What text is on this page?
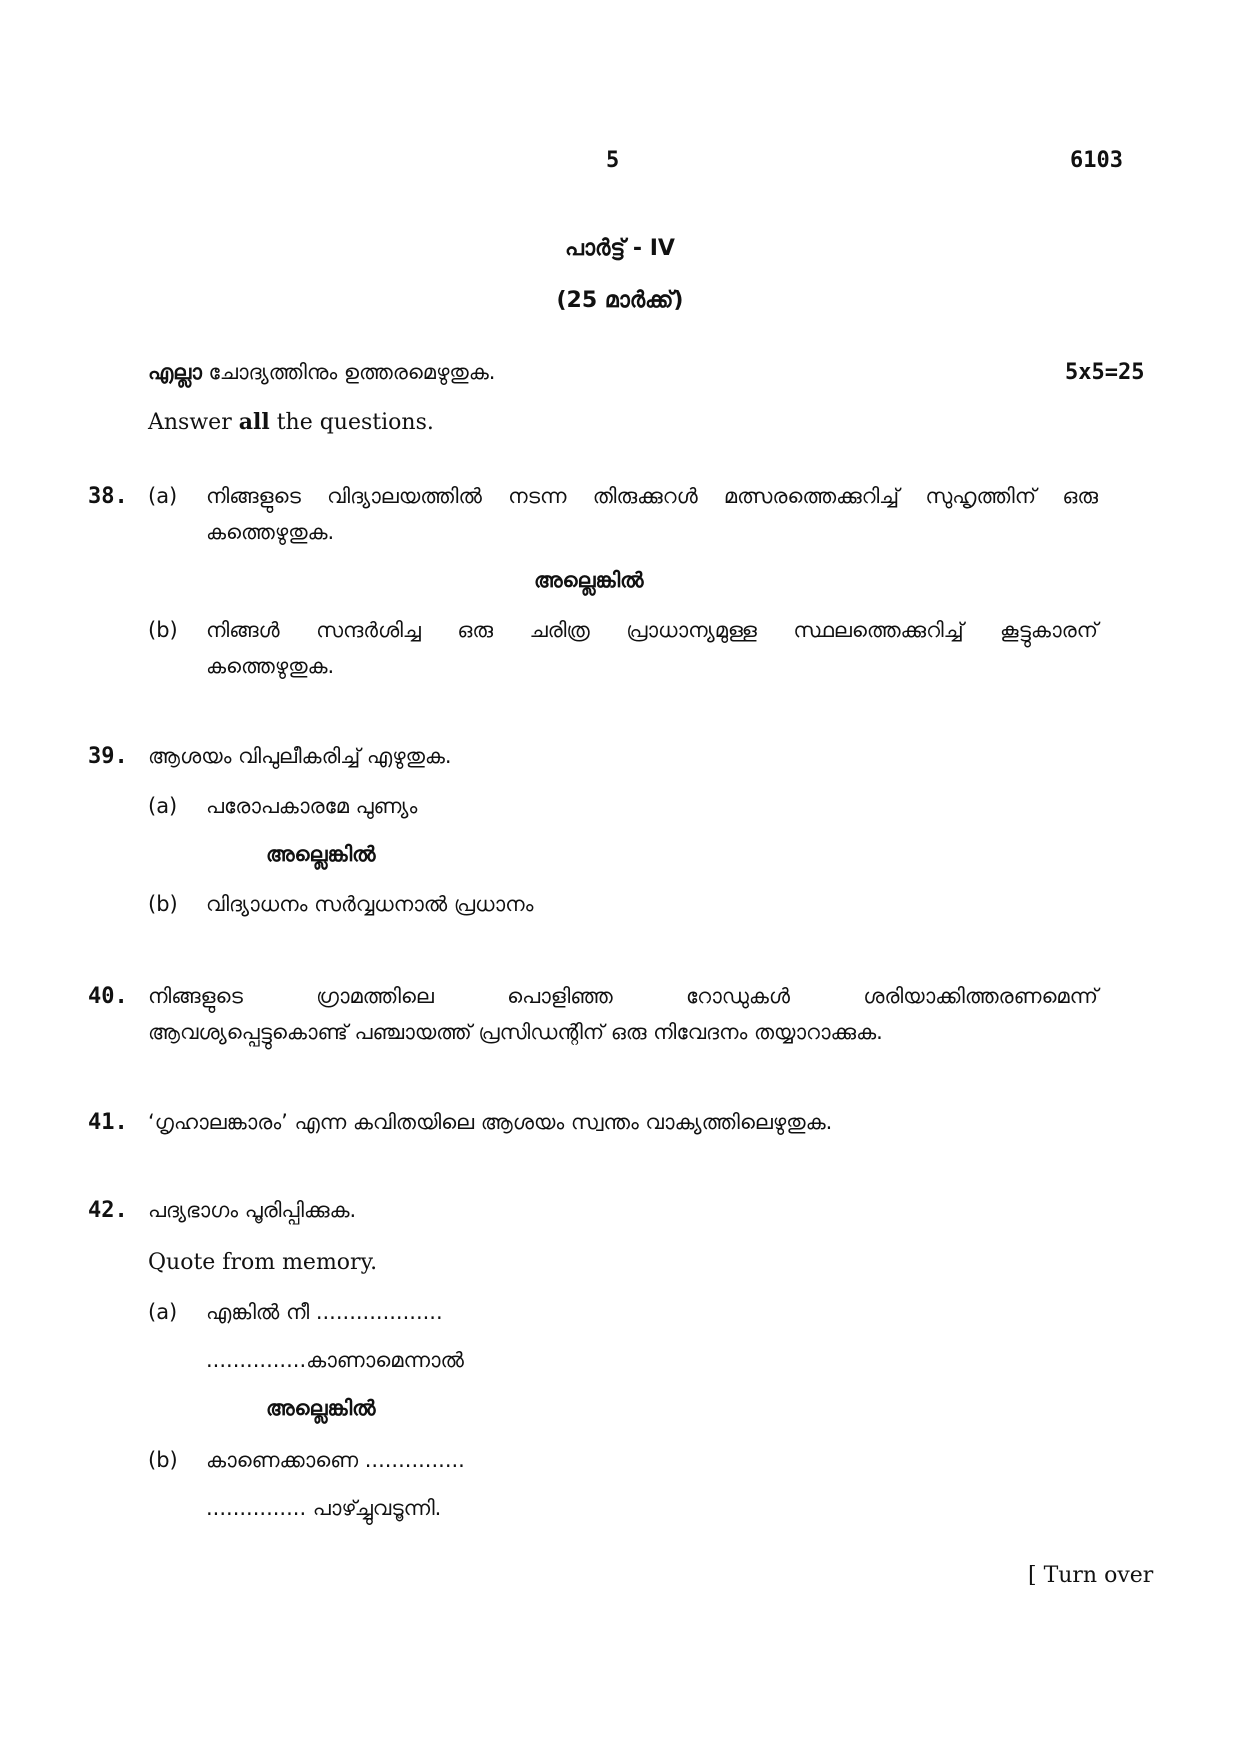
5	6103
പാർട്ട് - IV
(25 മാർക്ക്)
എല്ലാ ചോദ്യത്തിനും ഉത്തരമെഴുതുക.	5x5=25
Answer all the questions.
38. (a) നിങ്ങളുടെ വിദ്യാലയത്തിൽ നടന്ന തിരുക്കുറൾ മത്സരത്തെക്കുറിച്ച് സുഹൃത്തിന് ഒരു
കത്തെഴുതുക.
അല്ലെങ്കിൽ
(b) നിങ്ങൾ സന്ദർശിച്ച ഒരു ചരിത്ര പ്രാധാന്യമുള്ള സ്ഥലത്തെക്കുറിച്ച് കൂട്ടുകാരന്
കത്തെഴുതുക.
39. ആശയം വിപുലീകരിച്ച് എഴുതുക.
(a) പരോപകാരമേ പുണ്യം
അല്ലെങ്കിൽ
(b) വിദ്യാധനം സർവ്വധനാൽ പ്രധാനം
40. നിങ്ങളുടെ ഗ്രാമത്തിലെ പൊളിഞ്ഞ റോഡുകൾ ശരിയാക്കിത്തരണമെന്ന്
ആവശ്യപ്പെട്ടുകൊണ്ട് പഞ്ചായത്ത് പ്രസിഡന്റിന് ഒരു നിവേദനം തയ്യാറാക്കുക.
41. ‘ഗൃഹാലങ്കാരം’ എന്ന കവിതയിലെ ആശയം സ്വന്തം വാക്യത്തിലെഴുതുക.
42. പദ്യഭാഗം പൂരിപ്പിക്കുക.
Quote from memory.
(a) എങ്കിൽ നീ ...................
...............കാണാമെന്നാൽ
അല്ലെങ്കിൽ
(b) കാണെക്കാണെ ...............
............... പാഴ്ച്ചുവടൂന്നി.
[ Turn over
